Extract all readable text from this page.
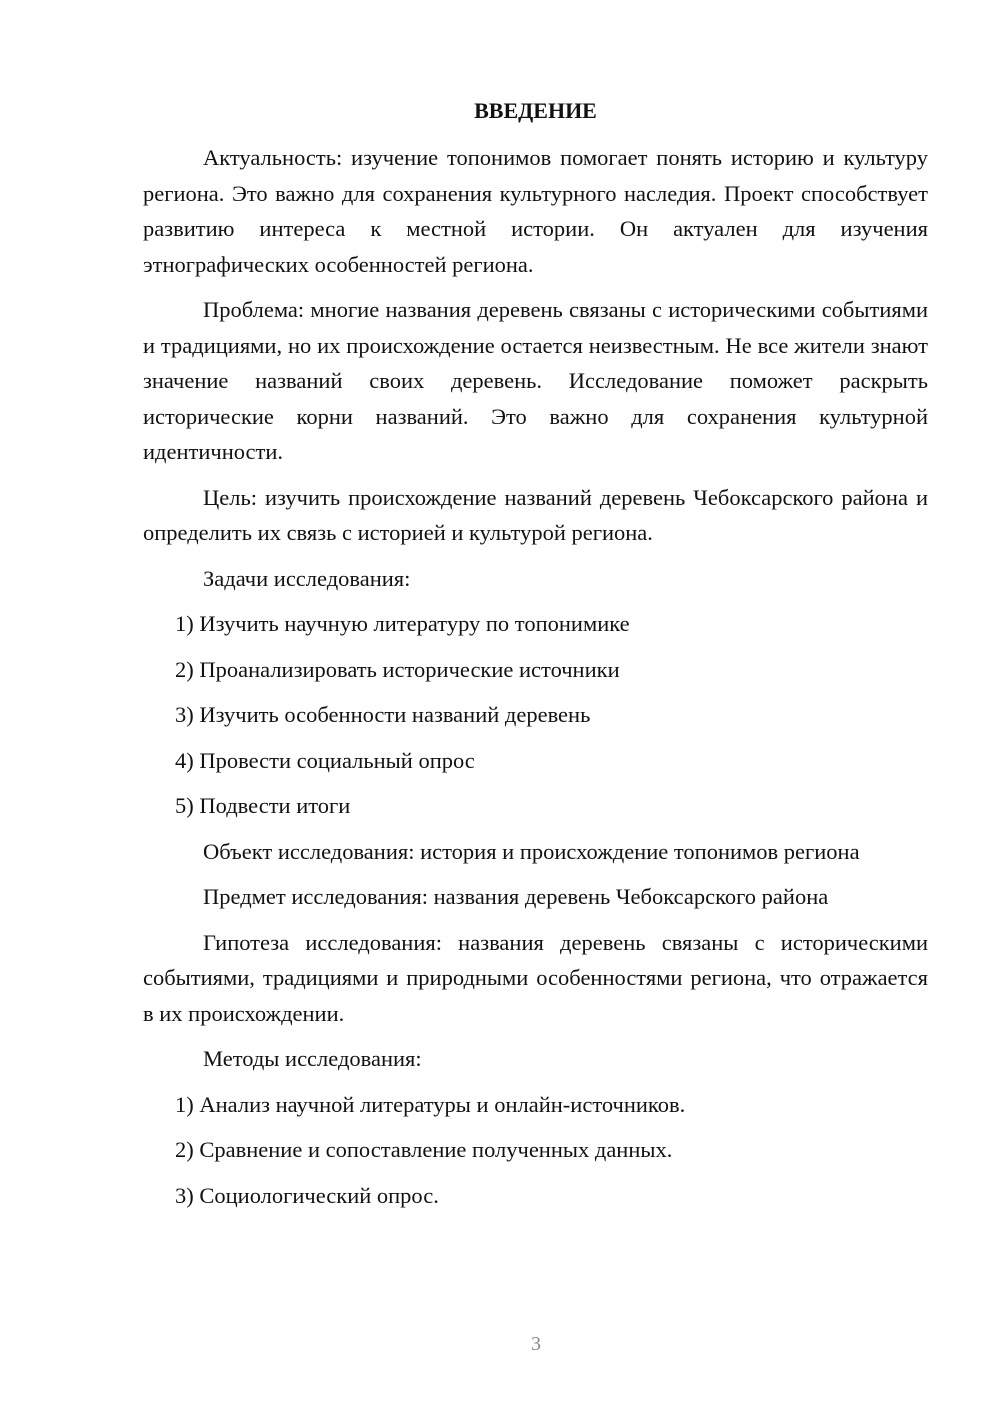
ВВЕДЕНИЕ

Актуальность: изучение топонимов помогает понять историю и культуру региона. Это важно для сохранения культурного наследия. Проект способствует развитию интереса к местной истории. Он актуален для изучения этнографических особенностей региона.

Проблема: многие названия деревень связаны с историческими событиями и традициями, но их происхождение остается неизвестным. Не все жители знают значение названий своих деревень. Исследование поможет раскрыть исторические корни названий. Это важно для сохранения культурной идентичности.

Цель: изучить происхождение названий деревень Чебоксарского района и определить их связь с историей и культурой региона.

Задачи исследования:

1) Изучить научную литературу по топонимике

2) Проанализировать исторические источники

3) Изучить особенности названий деревень

4) Провести социальный опрос

5) Подвести итоги

Объект исследования: история и происхождение топонимов региона

Предмет исследования: названия деревень Чебоксарского района

Гипотеза исследования: названия деревень связаны с историческими событиями, традициями и природными особенностями региона, что отражается в их происхождении.

Методы исследования:

1) Анализ научной литературы и онлайн-источников.

2) Сравнение и сопоставление полученных данных.

3) Социологический опрос.

3
